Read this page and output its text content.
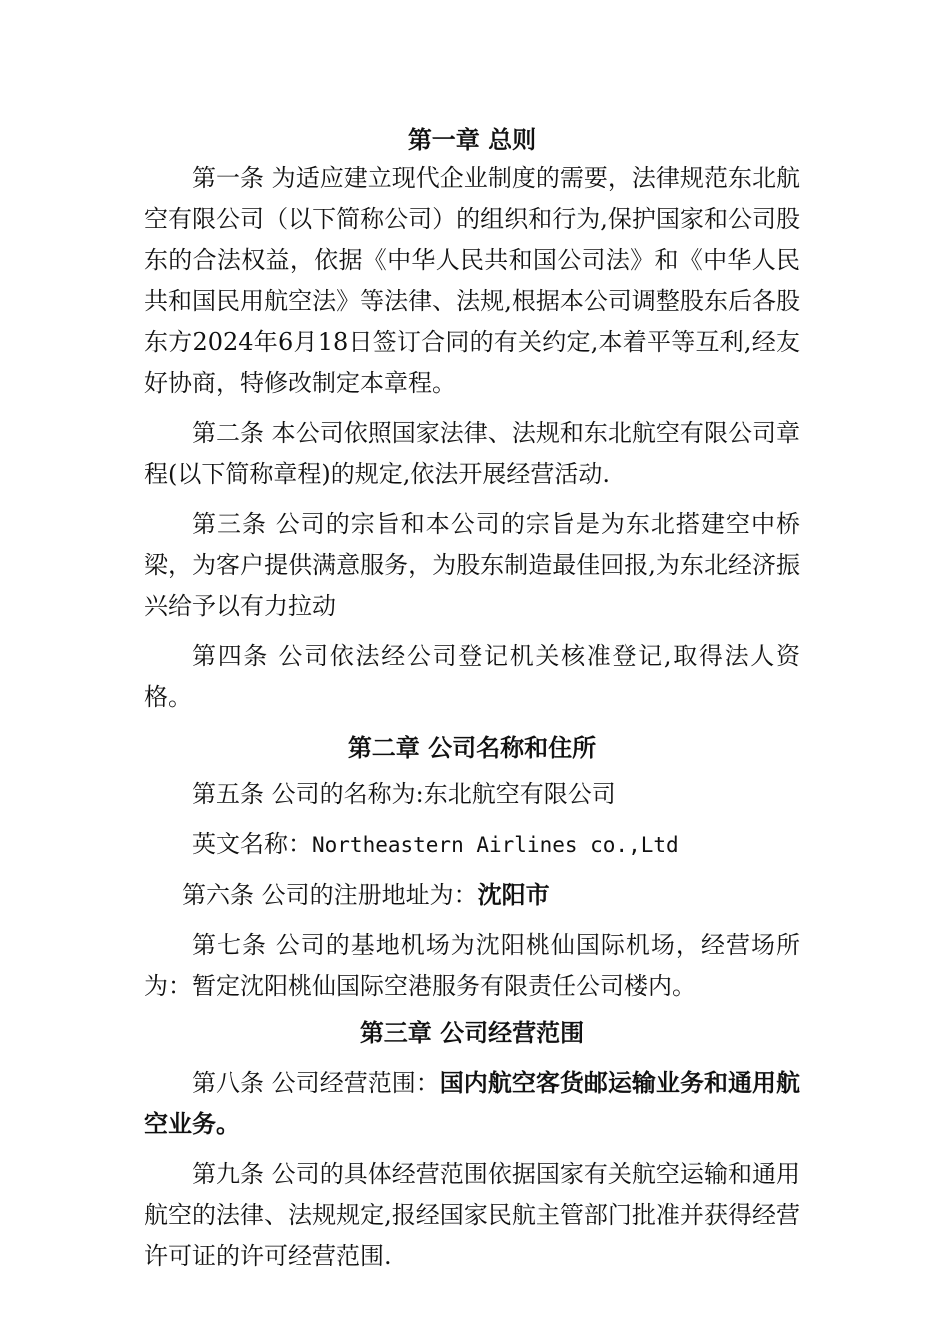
第一章 总则

第一条 为适应建立现代企业制度的需要，法律规范东北航空有限公司（以下简称公司）的组织和行为,保护国家和公司股东的合法权益，依据《中华人民共和国公司法》和《中华人民共和国民用航空法》等法律、法规,根据本公司调整股东后各股东方2024年6月18日签订合同的有关约定,本着平等互利,经友好协商，特修改制定本章程。

第二条 本公司依照国家法律、法规和东北航空有限公司章程(以下简称章程)的规定,依法开展经营活动.

第三条 公司的宗旨和本公司的宗旨是为东北搭建空中桥梁，为客户提供满意服务，为股东制造最佳回报,为东北经济振兴给予以有力拉动

第四条 公司依法经公司登记机关核准登记,取得法人资格。

第二章 公司名称和住所

第五条 公司的名称为:东北航空有限公司

英文名称：Northeastern Airlines co.,Ltd

第六条 公司的注册地址为：沈阳市

第七条 公司的基地机场为沈阳桃仙国际机场，经营场所为：暂定沈阳桃仙国际空港服务有限责任公司楼内。

第三章 公司经营范围

第八条 公司经营范围：国内航空客货邮运输业务和通用航空业务。

第九条 公司的具体经营范围依据国家有关航空运输和通用航空的法律、法规规定,报经国家民航主管部门批准并获得经营许可证的许可经营范围.
